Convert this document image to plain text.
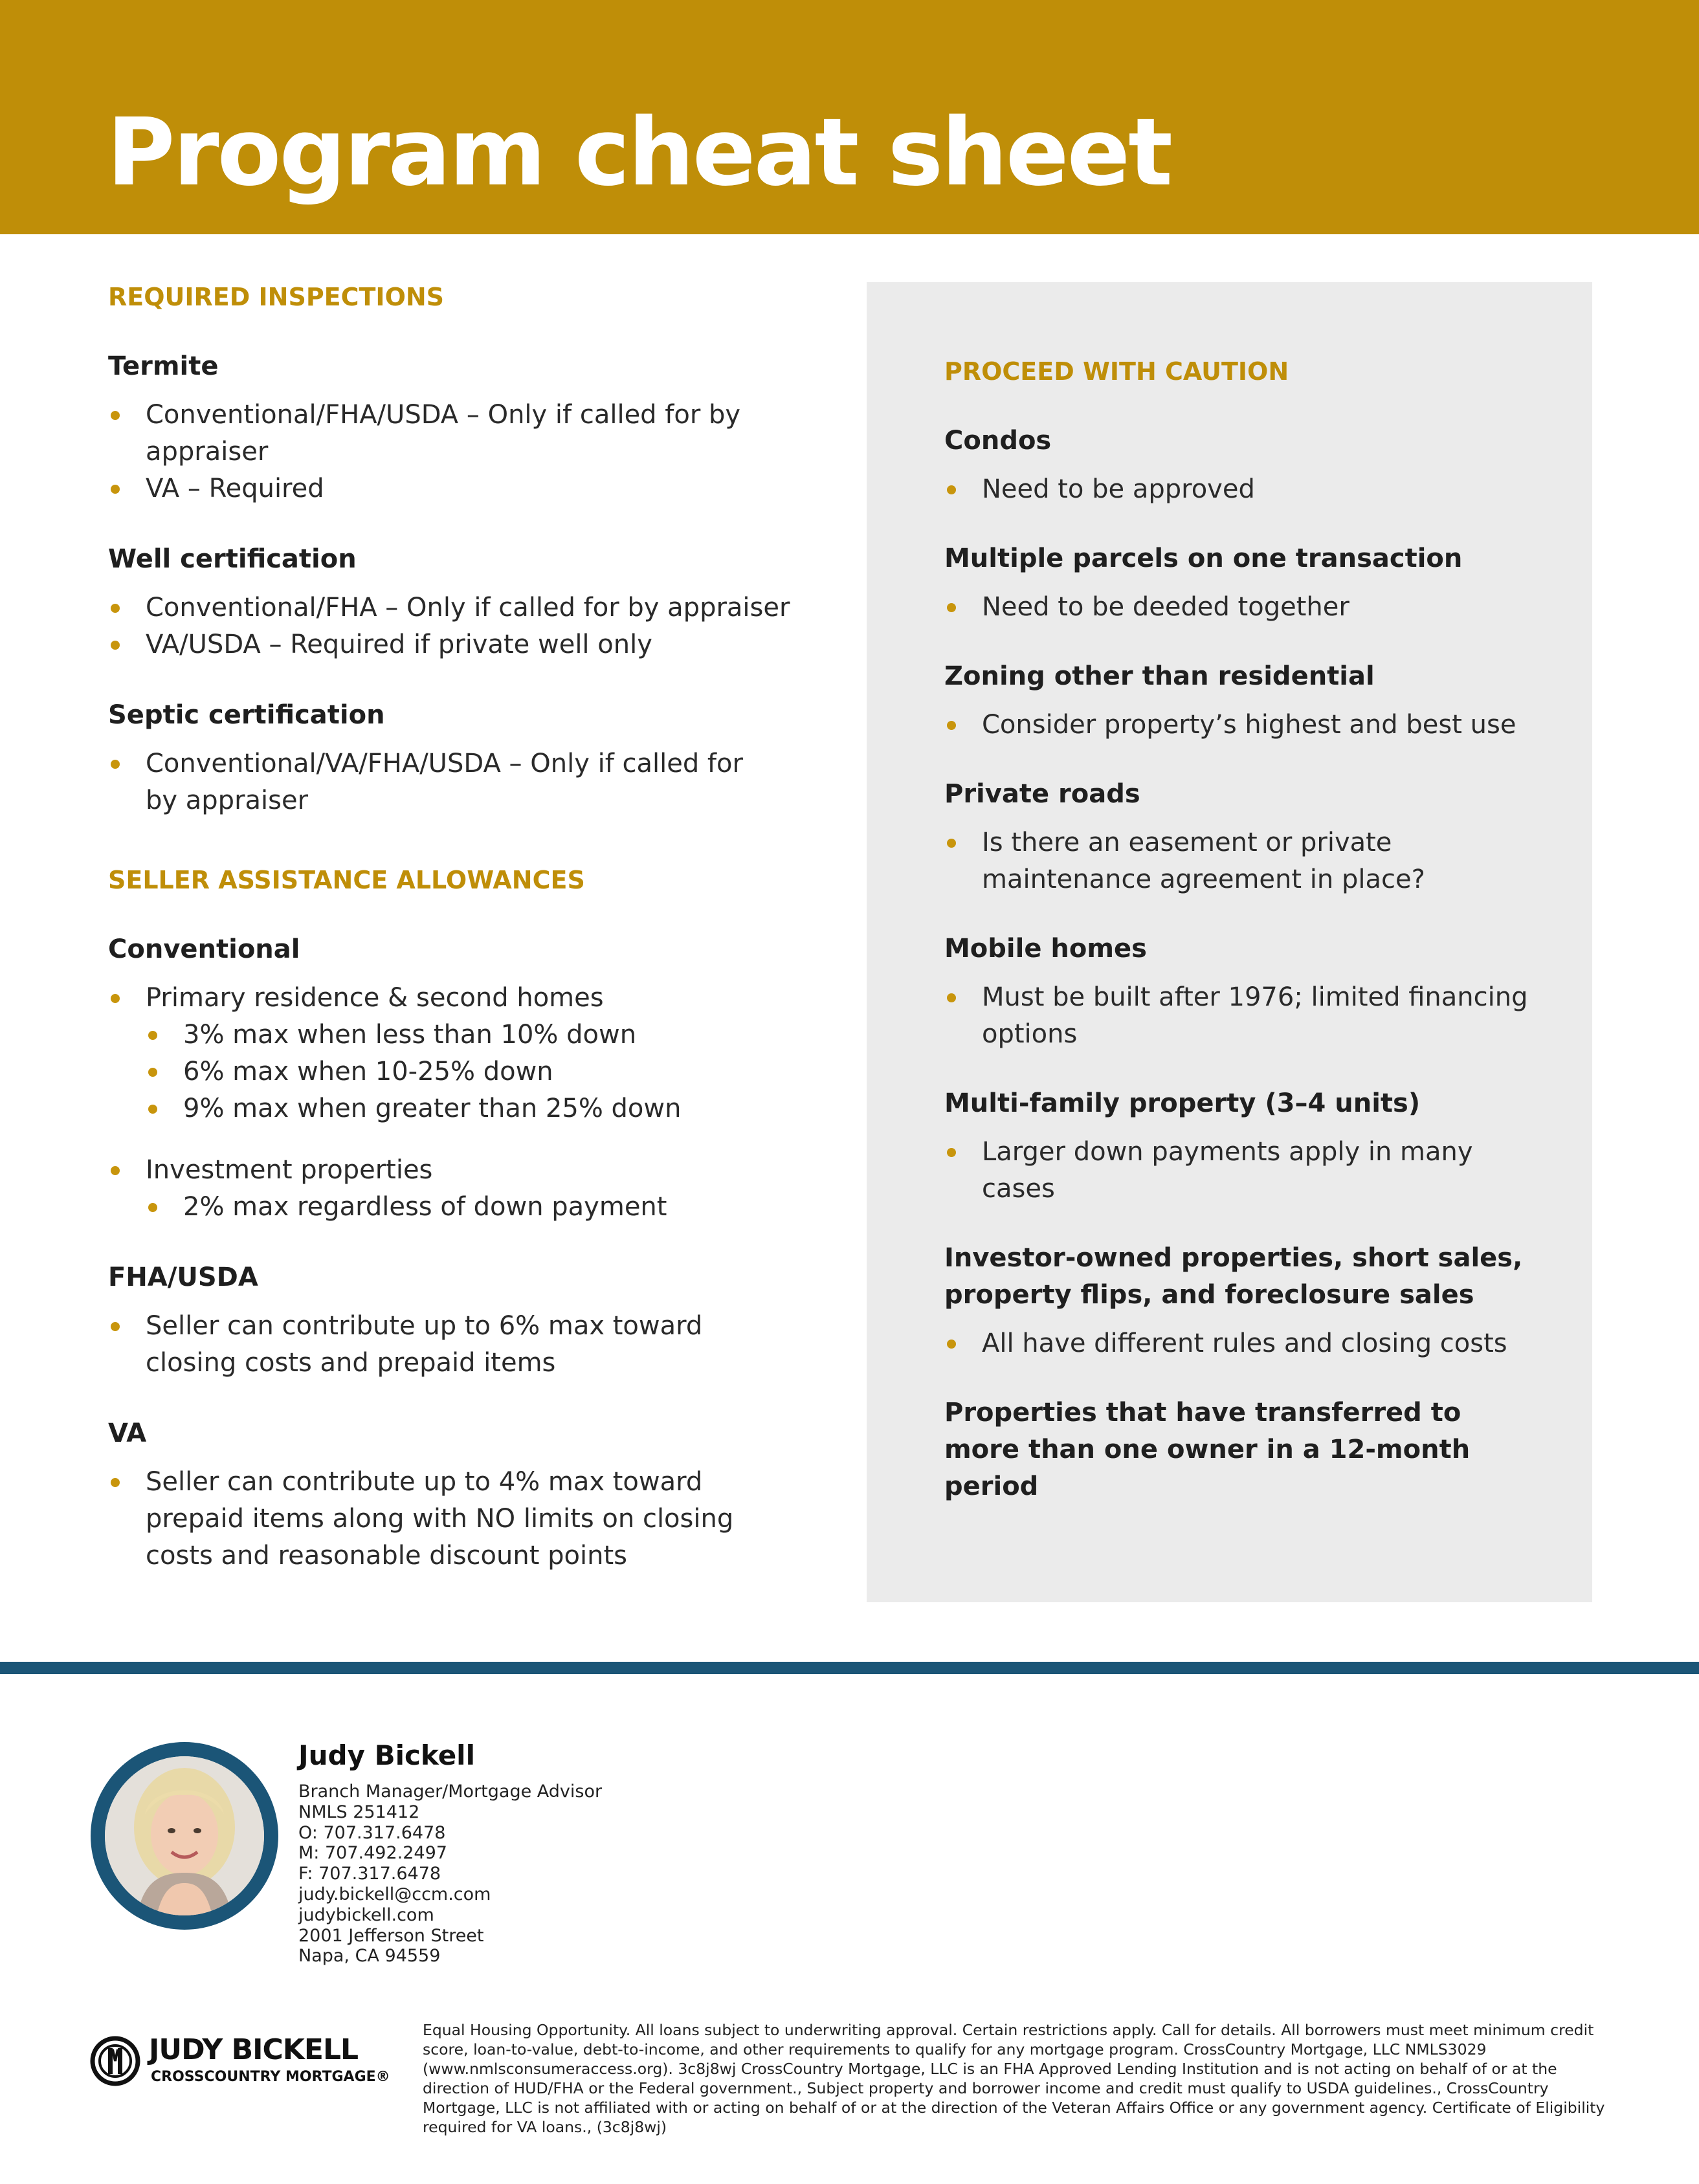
Program cheat sheet
REQUIRED INSPECTIONS
Termite
Conventional/FHA/USDA – Only if called for by appraiser
VA – Required
Well certification
Conventional/FHA – Only if called for by appraiser
VA/USDA – Required if private well only
Septic certification
Conventional/VA/FHA/USDA – Only if called for by appraiser
SELLER ASSISTANCE ALLOWANCES
Conventional
Primary residence & second homes
3% max when less than 10% down
6% max when 10-25% down
9% max when greater than 25% down
Investment properties
2% max regardless of down payment
FHA/USDA
Seller can contribute up to 6% max toward closing costs and prepaid items
VA
Seller can contribute up to 4% max toward prepaid items along with NO limits on closing costs and reasonable discount points
PROCEED WITH CAUTION
Condos
Need to be approved
Multiple parcels on one transaction
Need to be deeded together
Zoning other than residential
Consider property’s highest and best use
Private roads
Is there an easement or private maintenance agreement in place?
Mobile homes
Must be built after 1976; limited financing options
Multi-family property (3–4 units)
Larger down payments apply in many cases
Investor-owned properties, short sales, property flips, and foreclosure sales
All have different rules and closing costs
Properties that have transferred to more than one owner in a 12-month period
Judy Bickell
Branch Manager/Mortgage Advisor
NMLS 251412
O: 707.317.6478
M: 707.492.2497
F: 707.317.6478
judy.bickell@ccm.com
judybickell.com
2001 Jefferson Street
Napa, CA 94559
JUDY BICKELL
CROSSCOUNTRY MORTGAGE®
Equal Housing Opportunity. All loans subject to underwriting approval. Certain restrictions apply. Call for details. All borrowers must meet minimum credit score, loan-to-value, debt-to-income, and other requirements to qualify for any mortgage program. CrossCountry Mortgage, LLC NMLS3029 (www.nmlsconsumeraccess.org). 3c8j8wj CrossCountry Mortgage, LLC is an FHA Approved Lending Institution and is not acting on behalf of or at the direction of HUD/FHA or the Federal government., Subject property and borrower income and credit must qualify to USDA guidelines., CrossCountry Mortgage, LLC is not affiliated with or acting on behalf of or at the direction of the Veteran Affairs Office or any government agency. Certificate of Eligibility required for VA loans., (3c8j8wj)
